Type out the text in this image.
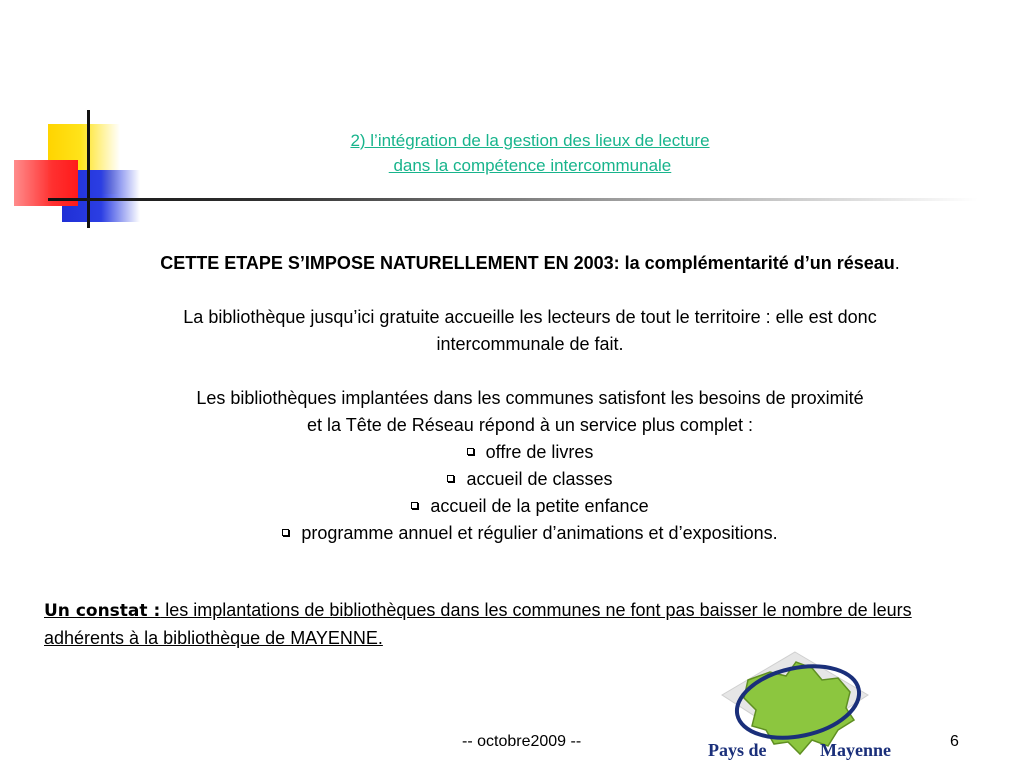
2) l’intégration de la gestion des lieux de lecture
dans la compétence intercommunale
CETTE ETAPE S’IMPOSE NATURELLEMENT EN 2003: la complémentarité d’un réseau.
La bibliothèque jusqu’ici gratuite accueille les lecteurs de tout le territoire : elle est donc
intercommunale de fait.
Les bibliothèques implantées dans les communes satisfont les besoins de proximité
et la Tête de Réseau répond à un service plus complet :
offre de livres
accueil de classes
accueil de la petite enfance
programme annuel et régulier d’animations et d’expositions.
Un constat : les implantations de bibliothèques dans les communes ne font pas baisser le nombre de leurs adhérents à la bibliothèque de MAYENNE.
-- octobre2009 --	6
Pays de	Mayenne
